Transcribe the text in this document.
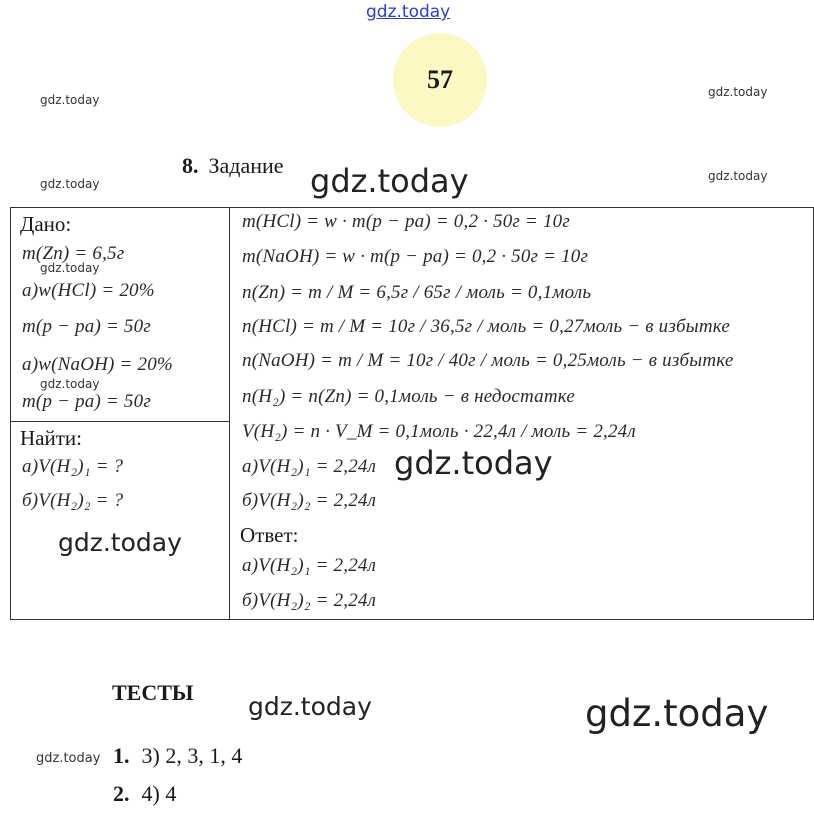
gdz.today
gdz.today
gdz.today
gdz.today
gdz.today
gdz.today
gdz.today
gdz.today
gdz.today
gdz.today
gdz.today	gdz.today
gdz.today
57
8. Задание
Дано:
m(Zn) = 6,5г
а)w(HCl) = 20%
m(p − pa) = 50г
а)w(NaOH) = 20%
m(p − pa) = 50г
Найти:
а)V(H₂)₁ = ?
б)V(H₂)₂ = ?
m(HCl) = w · m(p − pa) = 0,2 · 50г = 10г
m(NaOH) = w · m(p − pa) = 0,2 · 50г = 10г
n(Zn) = m / M = 6,5г / 65г / моль = 0,1моль
n(HCl) = m / M = 10г / 36,5г / моль = 0,27моль − в избытке
n(NaOH) = m / M = 10г / 40г / моль = 0,25моль − в избытке
n(H₂) = n(Zn) = 0,1моль − в недостатке
V(H₂) = n · V_M = 0,1моль · 22,4л / моль = 2,24л
а)V(H₂)₁ = 2,24л
б)V(H₂)₂ = 2,24л
Ответ:
а)V(H₂)₁ = 2,24л
б)V(H₂)₂ = 2,24л
ТЕСТЫ
1. 3) 2, 3, 1, 4
2. 4) 4
